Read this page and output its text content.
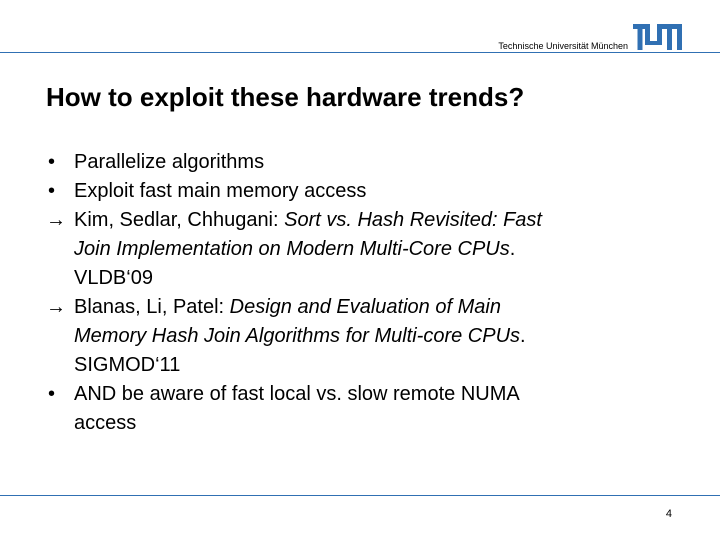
Technische Universität München
How to exploit these hardware trends?
• Parallelize algorithms
• Exploit fast main memory access
→ Kim, Sedlar, Chhugani: Sort vs. Hash Revisited: Fast
Join Implementation on Modern Multi-Core CPUs.
VLDB‘09
→ Blanas, Li, Patel: Design and Evaluation of Main
Memory Hash Join Algorithms for Multi-core CPUs.
SIGMOD‘11
• AND be aware of fast local vs. slow remote NUMA
access
4
